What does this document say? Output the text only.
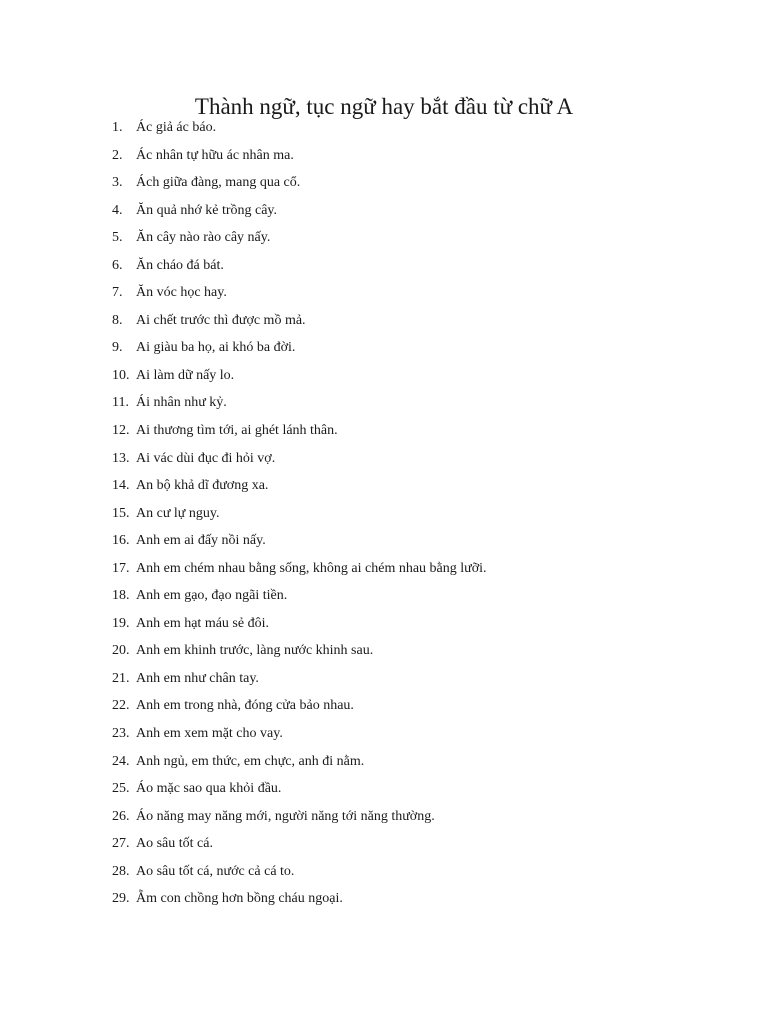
Thành ngữ, tục ngữ hay bắt đầu từ chữ A
1. Ác giả ác báo.
2. Ác nhân tự hữu ác nhân ma.
3. Ách giữa đàng, mang qua cổ.
4. Ăn quả nhớ kẻ trồng cây.
5. Ăn cây nào rào cây nấy.
6. Ăn cháo đá bát.
7. Ăn vóc học hay.
8. Ai chết trước thì được mồ mả.
9. Ai giàu ba họ, ai khó ba đời.
10. Ai làm dữ nấy lo.
11. Ái nhân như kỷ.
12. Ai thương tìm tới, ai ghét lánh thân.
13. Ai vác dùi đục đi hỏi vợ.
14. An bộ khả dĩ đương xa.
15. An cư lự nguy.
16. Anh em ai đấy nồi nấy.
17. Anh em chém nhau bằng sống, không ai chém nhau bằng lưỡi.
18. Anh em gạo, đạo ngãi tiền.
19. Anh em hạt máu sẻ đôi.
20. Anh em khinh trước, làng nước khinh sau.
21. Anh em như chân tay.
22. Anh em trong nhà, đóng cửa bảo nhau.
23. Anh em xem mặt cho vay.
24. Anh ngủ, em thức, em chực, anh đi nằm.
25. Áo mặc sao qua khỏi đầu.
26. Áo năng may năng mới, người năng tới năng thường.
27. Ao sâu tốt cá.
28. Ao sâu tốt cá, nước cả cá to.
29. Ẵm con chồng hơn bồng cháu ngoại.
